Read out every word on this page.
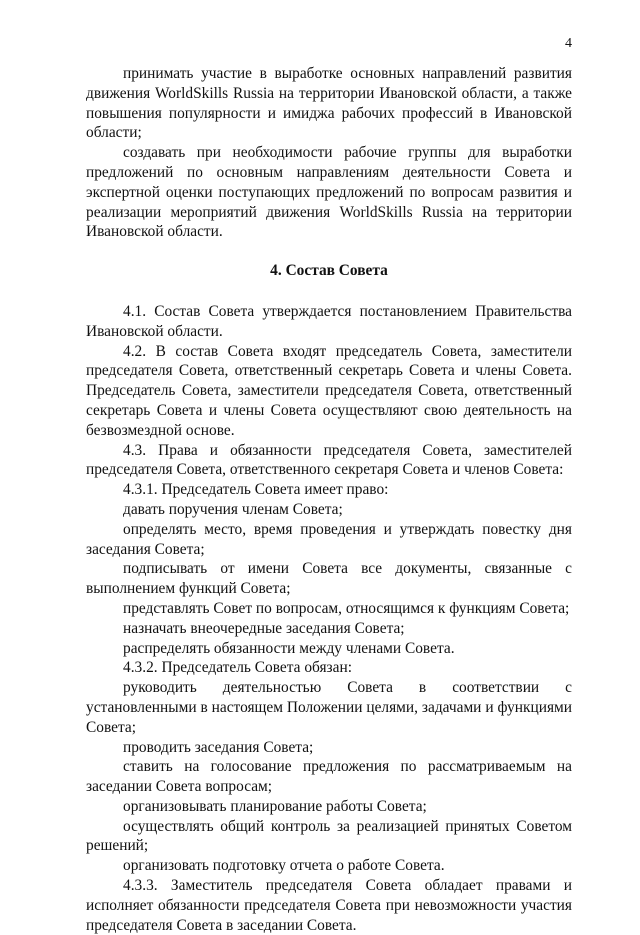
4

принимать участие в выработке основных направлений развития движения WorldSkills Russia на территории Ивановской области, а также повышения популярности и имиджа рабочих профессий в Ивановской области;

создавать при необходимости рабочие группы для выработки предложений по основным направлениям деятельности Совета и экспертной оценки поступающих предложений по вопросам развития и реализации мероприятий движения WorldSkills Russia на территории Ивановской области.

4. Состав Совета

4.1. Состав Совета утверждается постановлением Правительства Ивановской области.

4.2. В состав Совета входят председатель Совета, заместители председателя Совета, ответственный секретарь Совета и члены Совета. Председатель Совета, заместители председателя Совета, ответственный секретарь Совета и члены Совета осуществляют свою деятельность на безвозмездной основе.

4.3. Права и обязанности председателя Совета, заместителей председателя Совета, ответственного секретаря Совета и членов Совета:

4.3.1. Председатель Совета имеет право:

давать поручения членам Совета;

определять место, время проведения и утверждать повестку дня заседания Совета;

подписывать от имени Совета все документы, связанные с выполнением функций Совета;

представлять Совет по вопросам, относящимся к функциям Совета;

назначать внеочередные заседания Совета;

распределять обязанности между членами Совета.

4.3.2. Председатель Совета обязан:

руководить деятельностью Совета в соответствии с установленными в настоящем Положении целями, задачами и функциями Совета;

проводить заседания Совета;

ставить на голосование предложения по рассматриваемым на заседании Совета вопросам;

организовывать планирование работы Совета;

осуществлять общий контроль за реализацией принятых Советом решений;

организовать подготовку отчета о работе Совета.

4.3.3. Заместитель председателя Совета обладает правами и исполняет обязанности председателя Совета при невозможности участия председателя Совета в заседании Совета.
